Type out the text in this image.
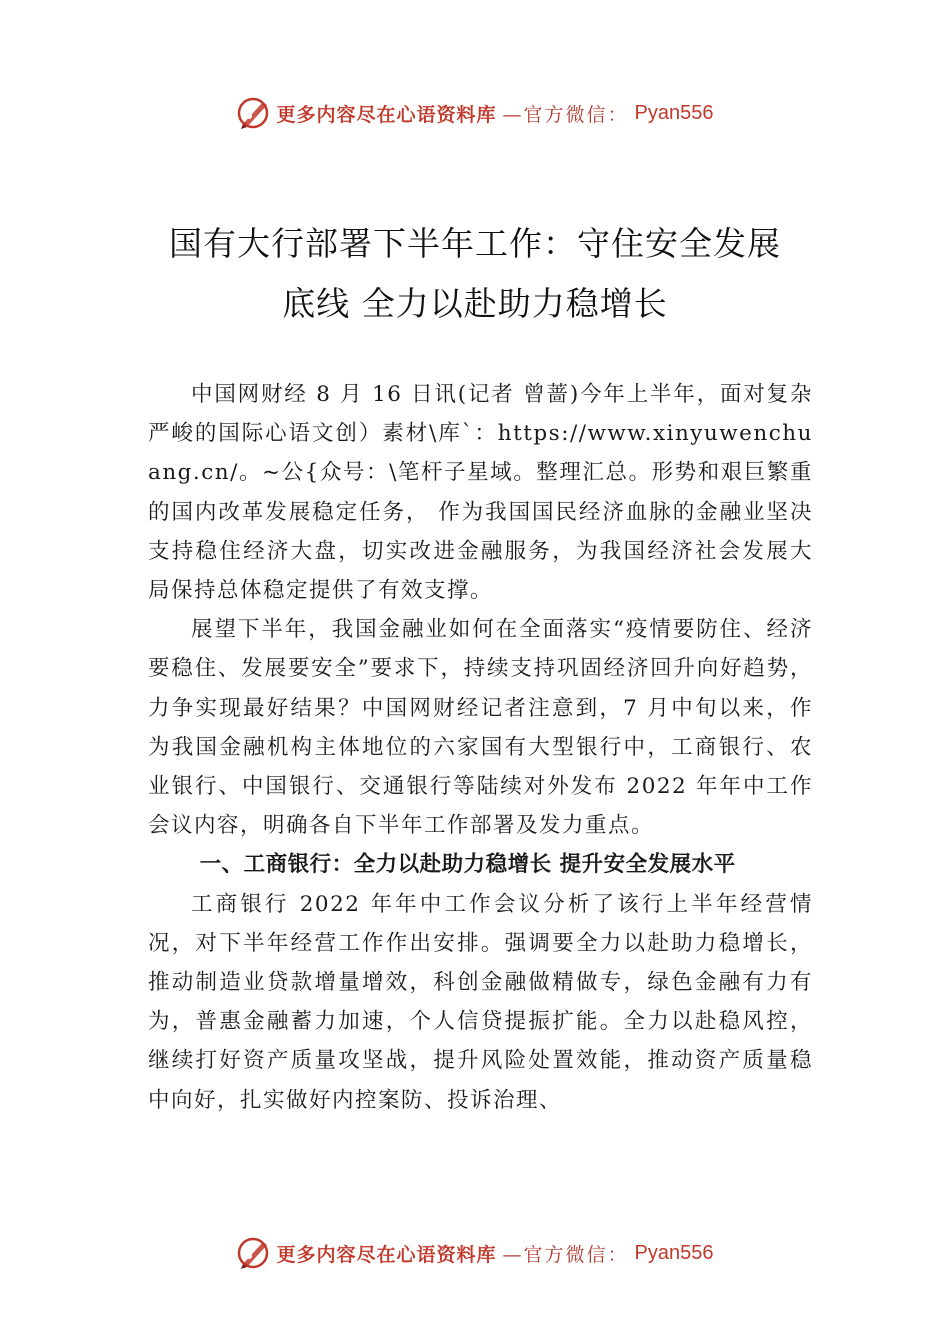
更多内容尽在心语资料库 —官方微信： Pyan556
国有大行部署下半年工作：守住安全发展
底线 全力以赴助力稳增长

中国网财经 8 月 16 日讯(记者 曾蔷)今年上半年，面对复杂严峻的国际心语文创）素材\库`：https://www.xinyuwenchuang.cn/。~公{众号：\笔杆子星域。整理汇总。形势和艰巨繁重的国内改革发展稳定任务， 作为我国国民经济血脉的金融业坚决支持稳住经济大盘，切实改进金融服务，为我国经济社会发展大局保持总体稳定提供了有效支撑。

展望下半年，我国金融业如何在全面落实“疫情要防住、经济要稳住、发展要安全”要求下，持续支持巩固经济回升向好趋势，力争实现最好结果？中国网财经记者注意到，7 月中旬以来，作为我国金融机构主体地位的六家国有大型银行中，工商银行、农业银行、中国银行、交通银行等陆续对外发布 2022 年年中工作会议内容，明确各自下半年工作部署及发力重点。

一、工商银行：全力以赴助力稳增长 提升安全发展水平

工商银行 2022 年年中工作会议分析了该行上半年经营情况，对下半年经营工作作出安排。强调要全力以赴助力稳增长，推动制造业贷款增量增效，科创金融做精做专，绿色金融有力有为，普惠金融蓄力加速，个人信贷提振扩能。全力以赴稳风控，继续打好资产质量攻坚战，提升风险处置效能，推动资产质量稳中向好，扎实做好内控案防、投诉治理、

更多内容尽在心语资料库 —官方微信： Pyan556
